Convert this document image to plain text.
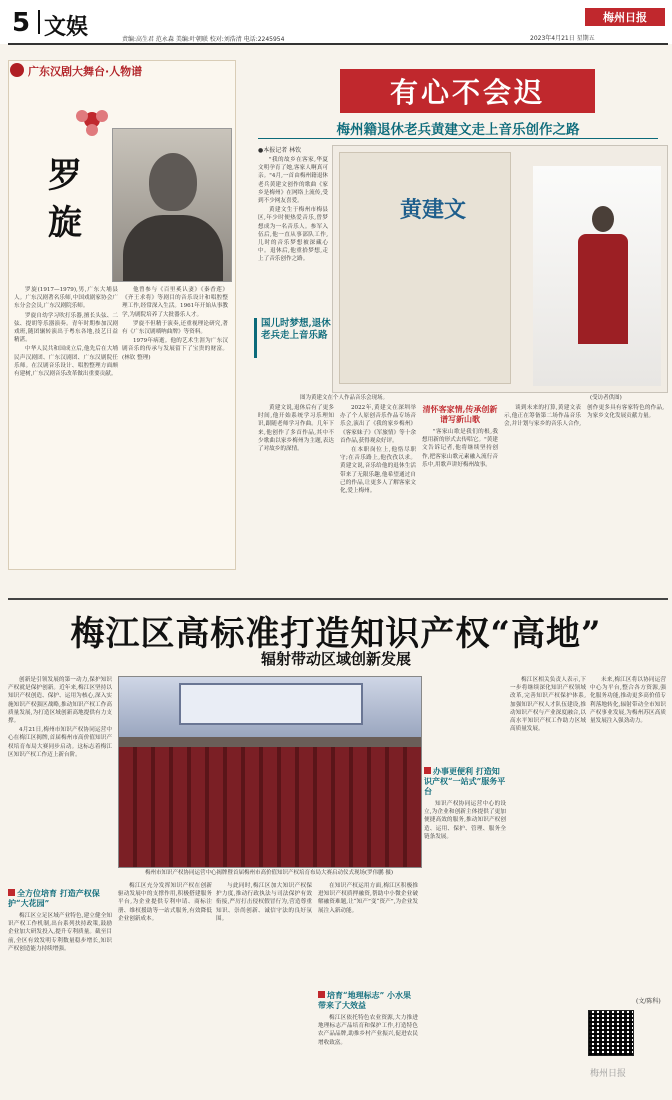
5 文娱	责编:高生君 范永森 美编:叶朝联 校对:刘浩清 电话:2245954
梅州日报
2023年4月21日 星期五
广东汉剧大舞台·人物谱
罗
旋

罗旋(1917—1979),男,广东大埔县人。广东汉剧著名乐师,中国戏剧家协会广东分会会员,广东汉剧院乐师。

罗旋自幼学习吹打乐器,擅长头弦、二弦、提胡等乐器演奏。青年时期参加汉剧戏班,随团辗转演出于粤东各地,技艺日益精湛。

中华人民共和国成立后,他先后在大埔民声汉剧团、广东汉剧团、广东汉剧院任乐师。在汉剧音乐设计、唱腔整理方面颇有建树,广东汉剧音乐改革做出重要贡献。

他曾参与《百里奚认妻》《秦香莲》《齐王求将》等剧目的音乐设计和唱腔整理工作,经常深入生活。1961年开始从事教学,为剧院培养了大批器乐人才。

罗旋不但精于演奏,还重视理论研究,著有《广东汉剧唢呐曲牌》等资料。

1979年病逝。他的艺术生涯为广东汉剧音乐的传承与发展留下了宝贵的财富。(林钦 整理)

有心不会迟
梅州籍退休老兵黄建文走上音乐创作之路
●本报记者 林钦
黄建文
图为黄建文在个人作品音乐会现场。	(受访者供图)

"我的故乡在客家,华夏文明孕育了她,客家人啊真可亲。"4月,一首由梅州籍退休老兵黄建文创作的歌曲《家乡是梅州》在网络上流传,受到不少网友喜爱。

黄建文生于梅州市梅县区,年少时便热爱音乐,曾梦想成为一名音乐人。参军入伍后,他一直从事部队工作,儿时的音乐梦想被深藏心中。退休后,他重拾梦想,走上了音乐创作之路。

国儿时梦想,退休老兵走上音乐路

黄建文说,退休后有了更多时间,他开始系统学习乐理知识,跟随老师学习作曲。几年下来,他创作了多首作品,其中不少歌曲以家乡梅州为主题,表达了对故乡的深情。

2022年,黄建文在深圳举办了个人原创音乐作品专场音乐会,演出了《我的家乡梅州》《客家妹子》《军旅情》等十余首作品,获得观众好评。

在本职岗位上,他恪尽职守;在音乐路上,他孜孜以求。黄建文说,音乐给他的退休生活带来了无限乐趣,他希望通过自己的作品,让更多人了解客家文化,爱上梅州。

清怀客家情,传承创新谱写新山歌

"客家山歌是我们的根,我想用新的形式去传唱它。"黄建文告诉记者,他将继续坚持创作,把客家山歌元素融入流行音乐中,用歌声讲好梅州故事。

谈到未来的打算,黄建文表示,他正在筹备第二场作品音乐会,并计划与家乡的音乐人合作,创作更多具有客家特色的作品,为家乡文化发展贡献力量。

梅江区高标准打造知识产权“高地”
辐射带动区域创新发展

创新是引领发展的第一动力,保护知识产权就是保护创新。近年来,梅江区坚持以知识产权创造、保护、运用为核心,深入实施知识产权强区战略,推动知识产权工作高质量发展,为打造区域创新高地提供有力支撑。

4月21日,梅州市知识产权协同运营中心在梅江区揭牌,首届梅州市高价值知识产权培育布局大赛同步启动。这标志着梅江区知识产权工作迈上新台阶。

梅州市知识产权协同运营中心揭牌暨首届梅州市高价值知识产权培育布局大赛启动仪式现场(罗伟鹏 摄)
全方位培育 打造产权保护“大花园”

梅江区立足区域产业特色,建立健全知识产权工作机制,出台系列扶持政策,鼓励企业加大研发投入,提升专利质量。截至目前,全区有效发明专利数量稳步增长,知识产权创造能力持续增强。

梅江区充分发挥知识产权在创新驱动发展中的支撑作用,积极搭建服务平台,为企业提供专利申请、商标注册、维权援助等一站式服务,有效降低企业创新成本。

与此同时,梅江区加大知识产权保护力度,推动行政执法与司法保护有效衔接,严厉打击侵权假冒行为,营造尊重知识、崇尚创新、诚信守法的良好氛围。

在知识产权运用方面,梅江区积极推进知识产权质押融资,帮助中小微企业破解融资难题,让“知产”变“资产”,为企业发展注入新动能。

培育“地理标志” 小水果带来了大效益

梅江区依托特色农业资源,大力推进地理标志产品培育和保护工作,打造特色农产品品牌,助推乡村产业振兴,促进农民增收致富。

办事更便利 打造知识产权“一站式”服务平台

知识产权协同运营中心的设立,为企业和创新主体提供了更加便捷高效的服务,推动知识产权创造、运用、保护、管理、服务全链条发展。

梅江区相关负责人表示,下一步将继续深化知识产权领域改革,完善知识产权保护体系,加强知识产权人才队伍建设,推动知识产权与产业深度融合,以高水平知识产权工作助力区域高质量发展。

未来,梅江区将以协同运营中心为平台,整合各方资源,强化服务功能,推动更多高价值专利落地转化,辐射带动全市知识产权事业发展,为梅州苏区高质量发展注入强劲动力。

(文/陈科)
梅州日报
